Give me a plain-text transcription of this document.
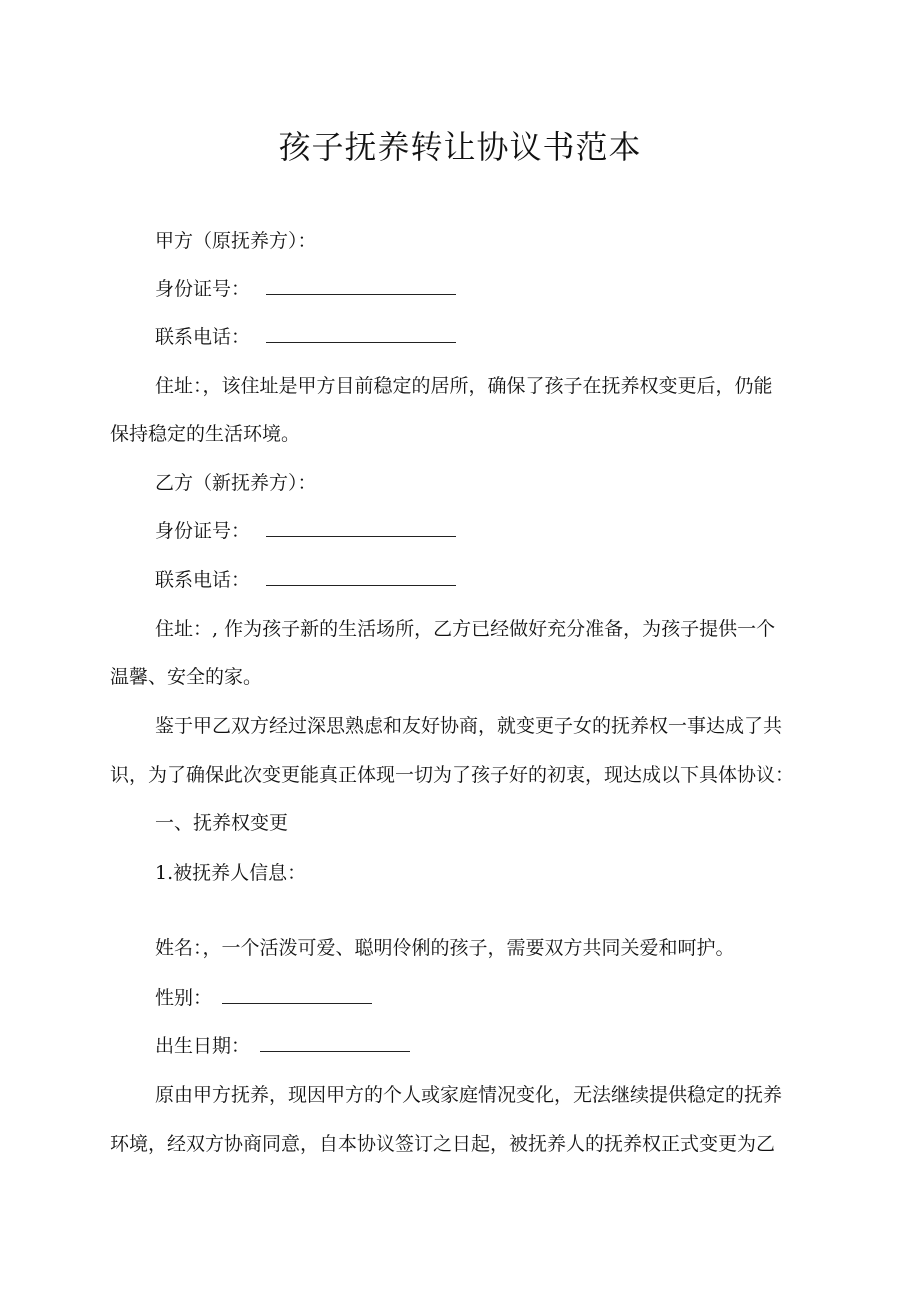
孩子抚养转让协议书范本
甲方（原抚养方）：
身份证号：
联系电话：
住址：，该住址是甲方目前稳定的居所，确保了孩子在抚养权变更后，仍能
保持稳定的生活环境。
乙方（新抚养方）：
身份证号：
联系电话：
住址：, 作为孩子新的生活场所，乙方已经做好充分准备，为孩子提供一个
温馨、安全的家。
鉴于甲乙双方经过深思熟虑和友好协商，就变更子女的抚养权一事达成了共
识，为了确保此次变更能真正体现一切为了孩子好的初衷，现达成以下具体协议：
一、抚养权变更
1.被抚养人信息：
姓名：，一个活泼可爱、聪明伶俐的孩子，需要双方共同关爱和呵护。
性别：
出生日期：
原由甲方抚养，现因甲方的个人或家庭情况变化，无法继续提供稳定的抚养
环境，经双方协商同意，自本协议签订之日起，被抚养人的抚养权正式变更为乙
